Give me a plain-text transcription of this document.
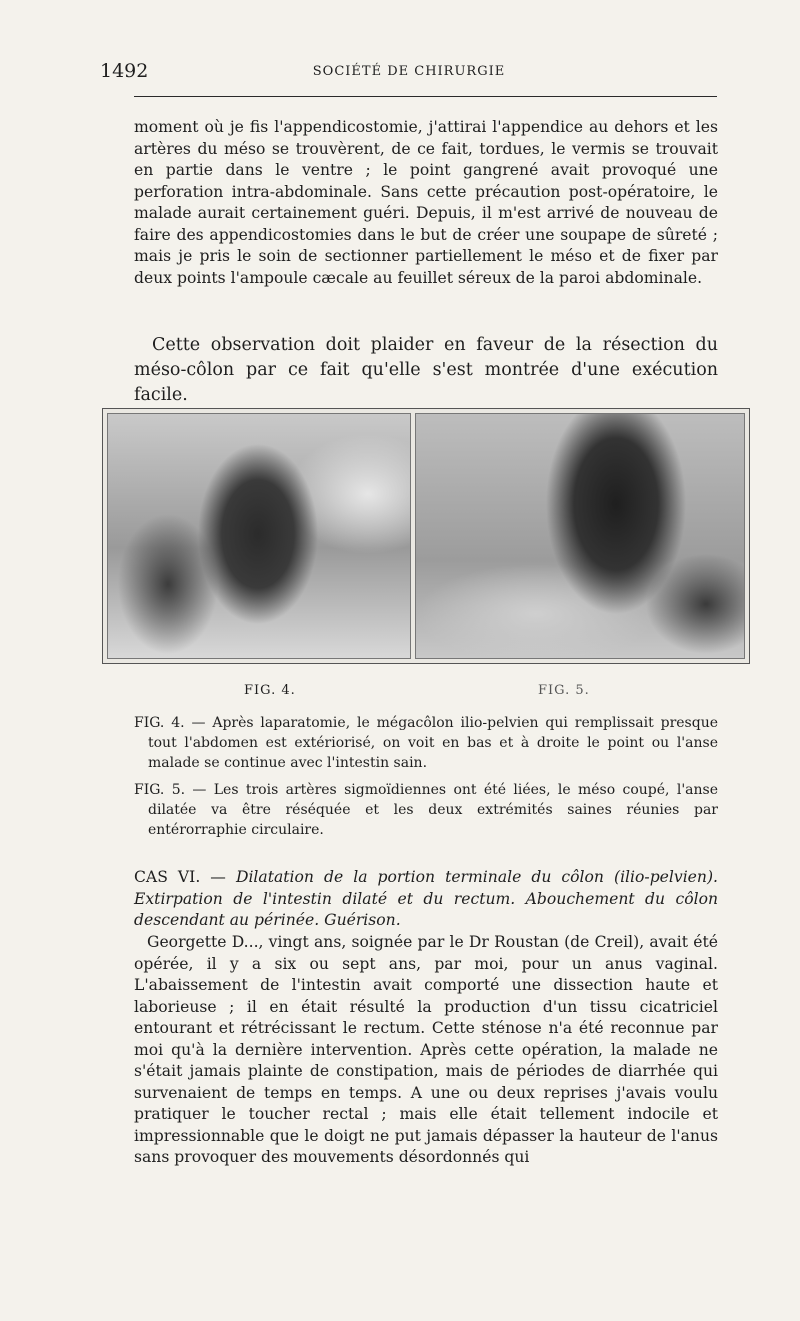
1492	SOCIÉTÉ DE CHIRURGIE

moment où je fis l'appendicostomie, j'attirai l'appendice au dehors et les artères du méso se trouvèrent, de ce fait, tordues, le vermis se trouvait en partie dans le ventre ; le point gangrené avait provoqué une perforation intra-abdominale. Sans cette précaution post-opératoire, le malade aurait certainement guéri. Depuis, il m'est arrivé de nouveau de faire des appendicostomies dans le but de créer une soupape de sûreté ; mais je pris le soin de sectionner partiellement le méso et de fixer par deux points l'ampoule cæcale au feuillet séreux de la paroi abdominale.

Cette observation doit plaider en faveur de la résection du méso-côlon par ce fait qu'elle s'est montrée d'une exécution facile.

FIG. 4.	FIG. 5.

FIG. 4. — Après laparatomie, le mégacôlon ilio-pelvien qui remplissait presque tout l'abdomen est extériorisé, on voit en bas et à droite le point ou l'anse malade se continue avec l'intestin sain.

FIG. 5. — Les trois artères sigmoïdiennes ont été liées, le méso coupé, l'anse dilatée va être réséquée et les deux extrémités saines réunies par entérorraphie circulaire.

CAS VI. — Dilatation de la portion terminale du côlon (ilio-pelvien). Extirpation de l'intestin dilaté et du rectum. Abouchement du côlon descendant au périnée. Guérison.

Georgette D..., vingt ans, soignée par le Dr Roustan (de Creil), avait été opérée, il y a six ou sept ans, par moi, pour un anus vaginal. L'abaissement de l'intestin avait comporté une dissection haute et laborieuse ; il en était résulté la production d'un tissu cicatriciel entourant et rétrécissant le rectum. Cette sténose n'a été reconnue par moi qu'à la dernière intervention. Après cette opération, la malade ne s'était jamais plainte de constipation, mais de périodes de diarrhée qui survenaient de temps en temps. A une ou deux reprises j'avais voulu pratiquer le toucher rectal ; mais elle était tellement indocile et impressionnable que le doigt ne put jamais dépasser la hauteur de l'anus sans provoquer des mouvements désordonnés qui
